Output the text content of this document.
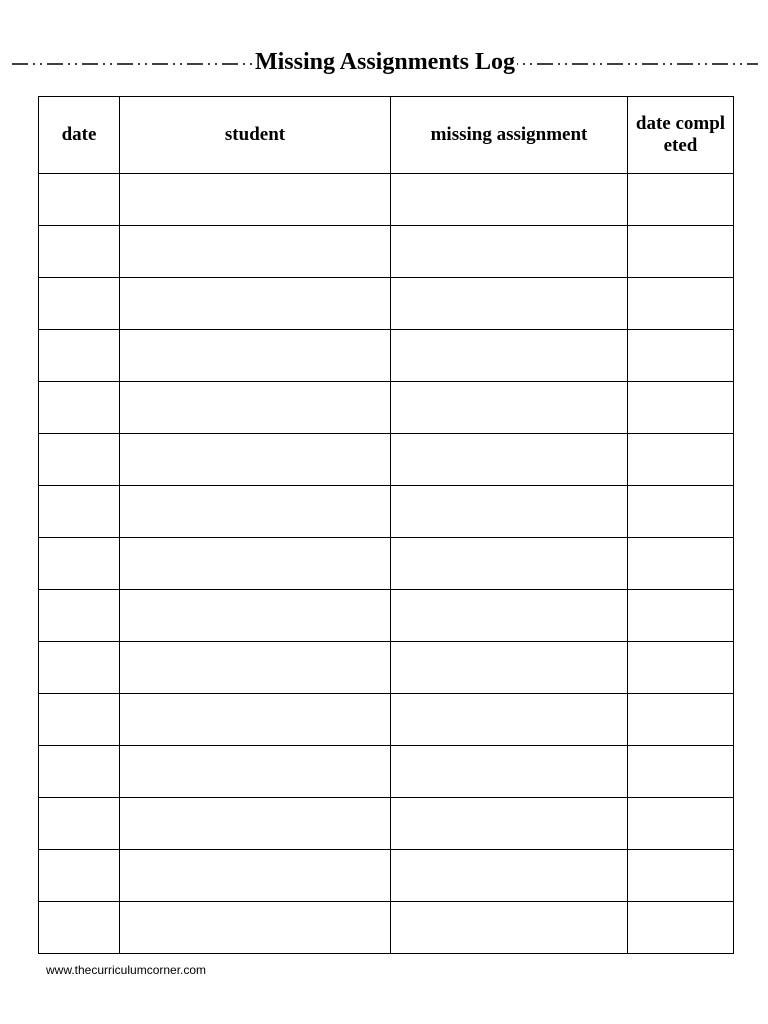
Missing Assignments Log
date	student	missing assignment	date completed

www.thecurriculumcorner.com
